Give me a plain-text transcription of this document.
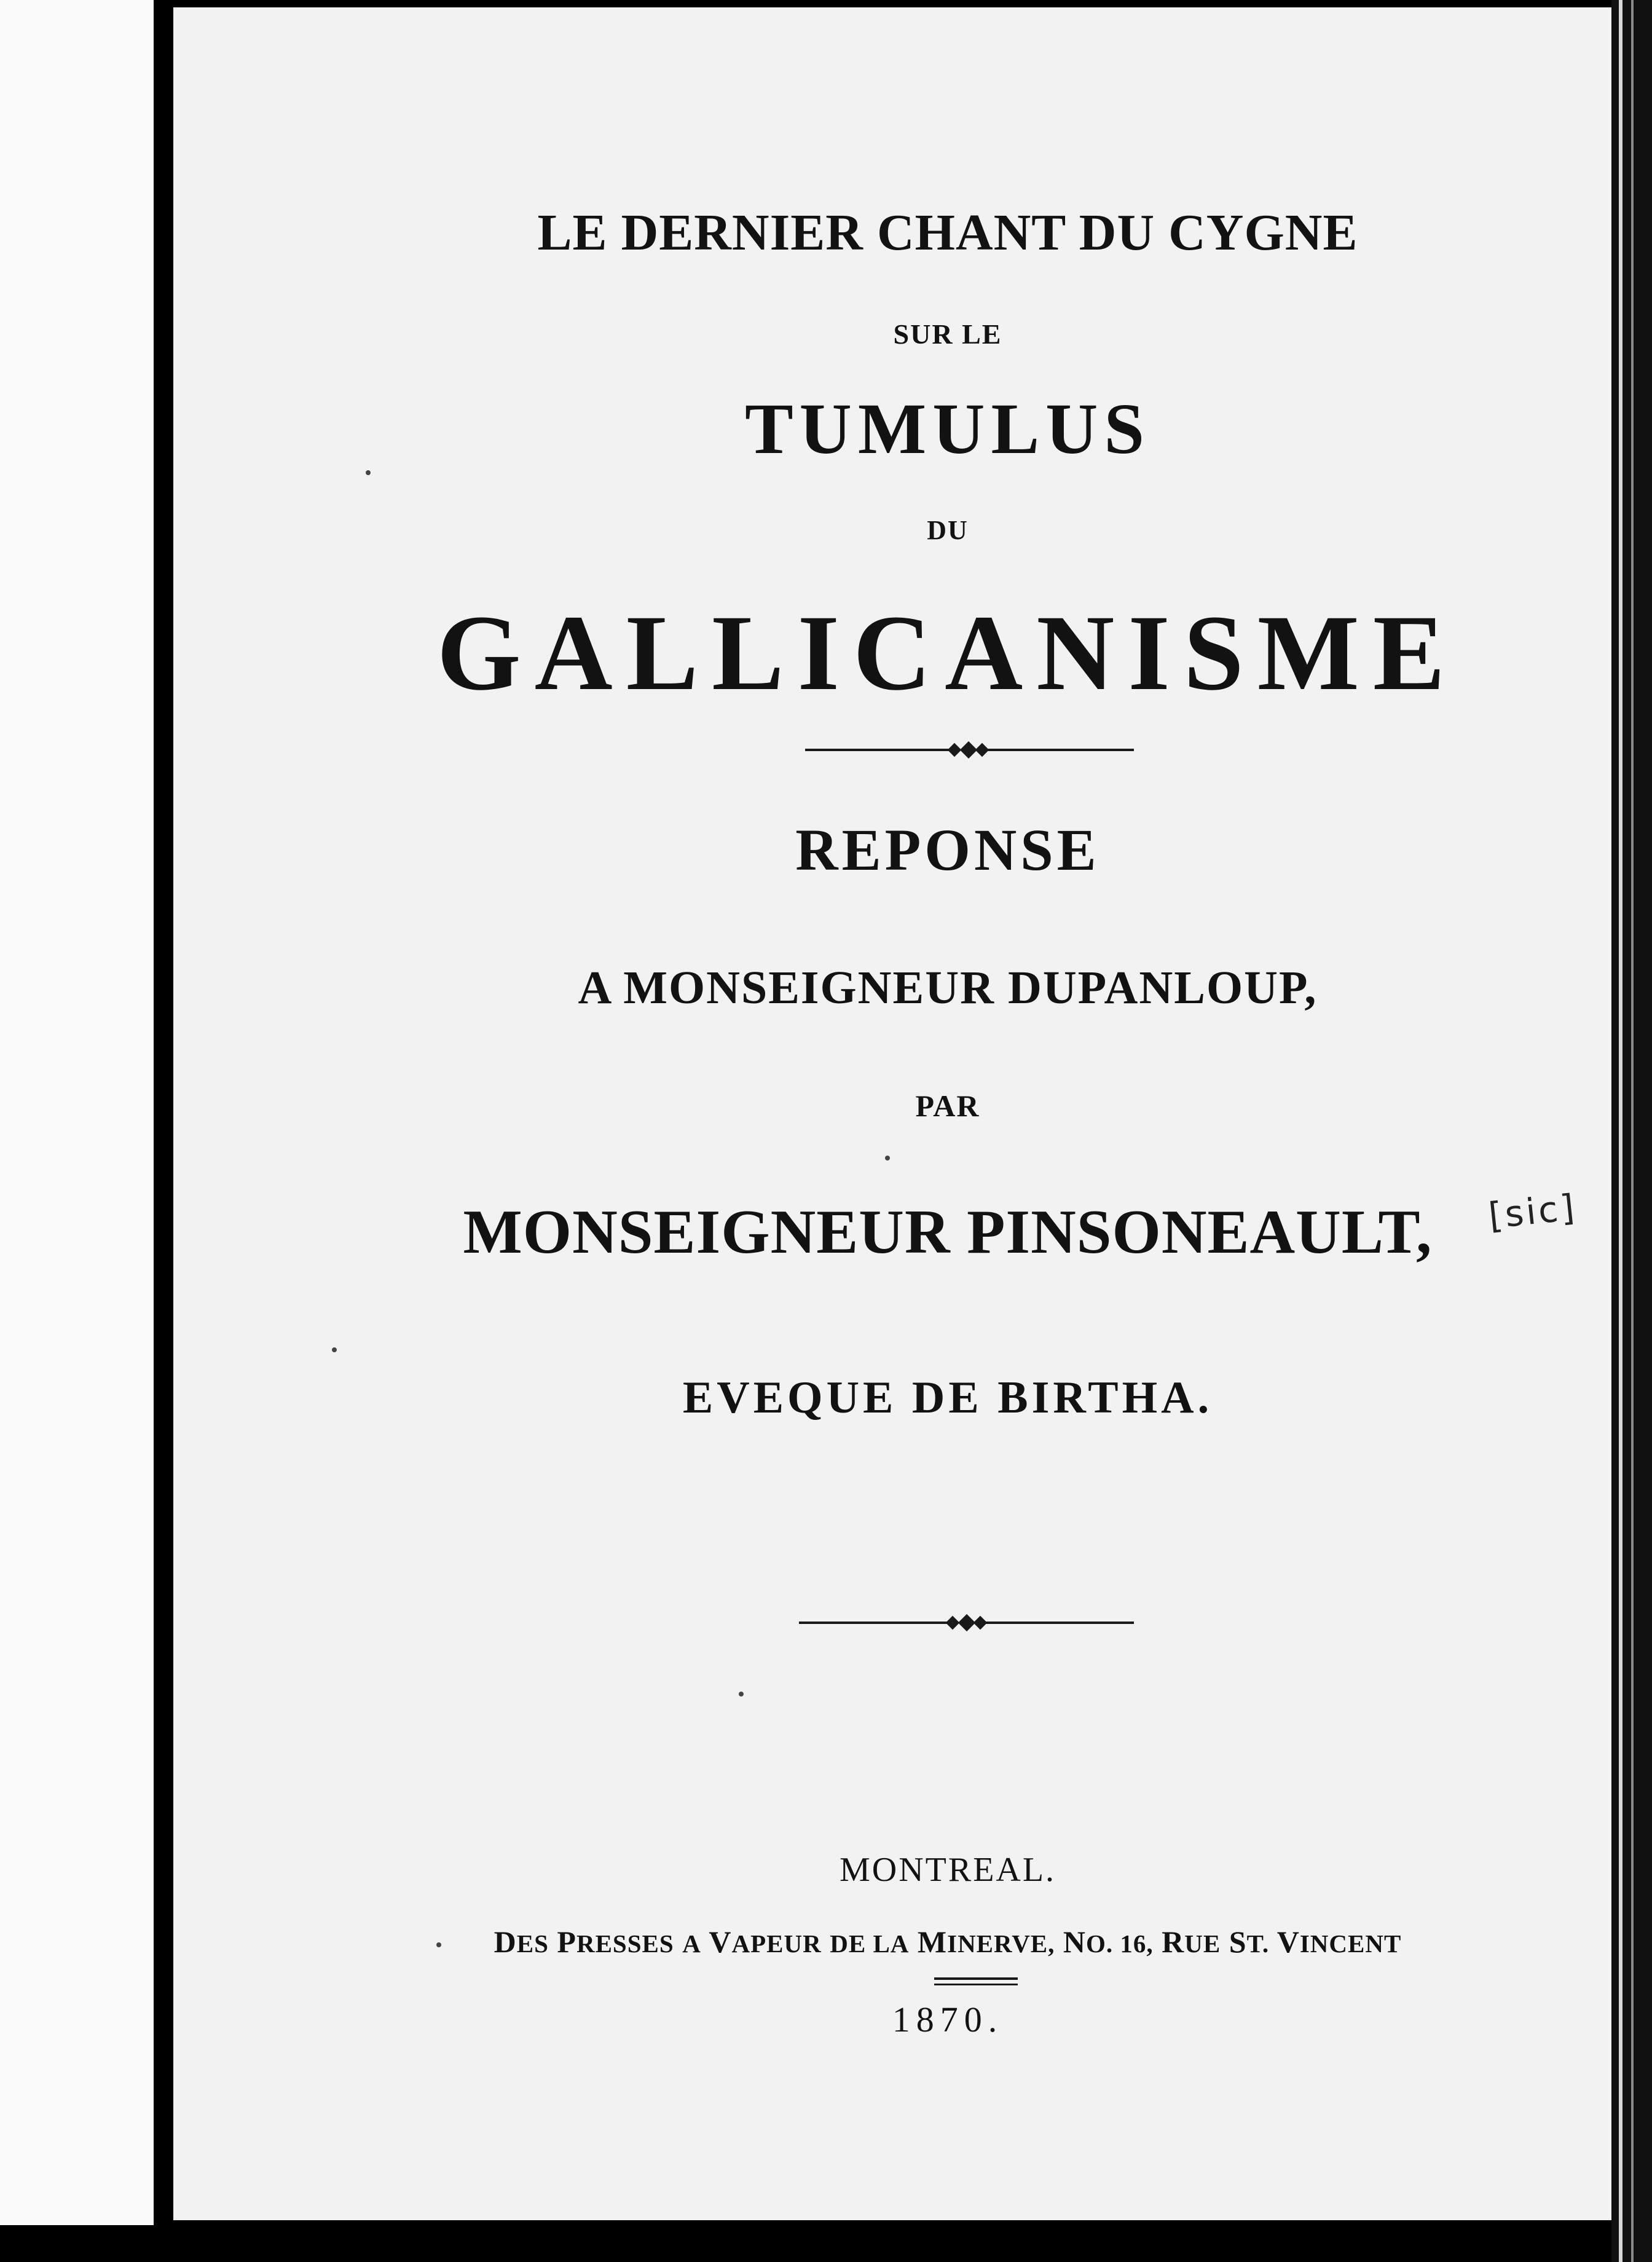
LE DERNIER CHANT DU CYGNE
SUR LE
TUMULUS
DU
GALLICANISME
REPONSE
A MONSEIGNEUR DUPANLOUP,
PAR
MONSEIGNEUR PINSONEAULT,	[sic]
EVEQUE DE BIRTHA.
MONTREAL.
DES PRESSES A VAPEUR DE LA MINERVE, NO. 16, RUE ST. VINCENT
1870.
